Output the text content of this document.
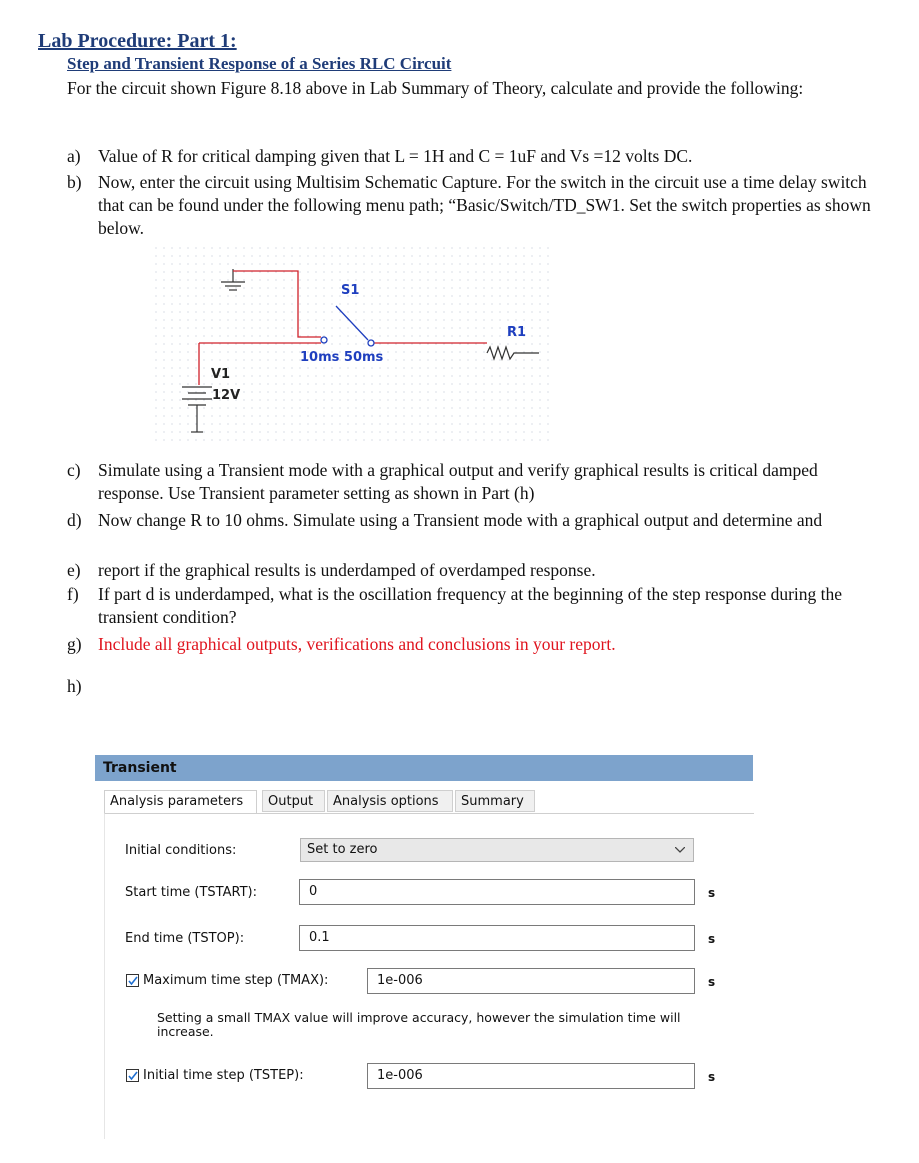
Lab Procedure: Part 1:
Step and Transient Response of a Series RLC Circuit
For the circuit shown Figure 8.18 above in Lab Summary of Theory, calculate and provide the following:
a) Value of R for critical damping given that L = 1H and C = 1uF and Vs =12 volts DC.
b) Now, enter the circuit using Multisim Schematic Capture. For the switch in the circuit use a time delay switch that can be found under the following menu path; “Basic/Switch/TD_SW1. Set the switch properties as shown below.
S1
10ms 50ms
R1
V1
12V
c) Simulate using a Transient mode with a graphical output and verify graphical results is critical damped response. Use Transient parameter setting as shown in Part (h)
d) Now change R to 10 ohms. Simulate using a Transient mode with a graphical output and determine and
e) report if the graphical results is underdamped of overdamped response.
f) If part d is underdamped, what is the oscillation frequency at the beginning of the step response during the transient condition?
g) Include all graphical outputs, verifications and conclusions in your report.
h)
Transient
Analysis parameters	Output	Analysis options	Summary
Initial conditions:	Set to zero
Start time (TSTART):	0	s
End time (TSTOP):	0.1	s
Maximum time step (TMAX):	1e-006	s
Setting a small TMAX value will improve accuracy, however the simulation time will increase.
Initial time step (TSTEP):	1e-006	s
